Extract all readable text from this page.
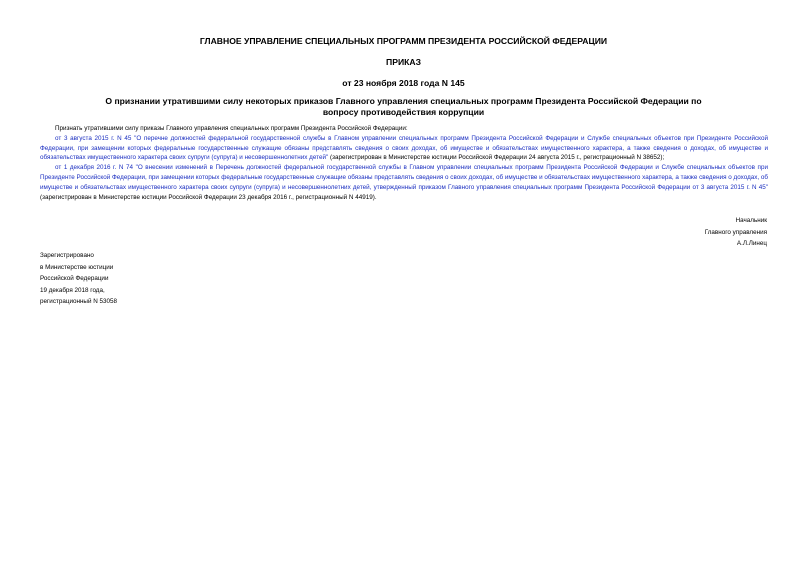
ГЛАВНОЕ УПРАВЛЕНИЕ СПЕЦИАЛЬНЫХ ПРОГРАММ ПРЕЗИДЕНТА РОССИЙСКОЙ ФЕДЕРАЦИИ
ПРИКАЗ
от 23 ноября 2018 года N 145
О признании утратившими силу некоторых приказов Главного управления специальных программ Президента Российской Федерации по вопросу противодействия коррупции

Признать утратившими силу приказы Главного управления специальных программ Президента Российской Федерации:

от 3 августа 2015 г. N 45 "О перечне должностей федеральной государственной службы в Главном управлении специальных программ Президента Российской Федерации и Службе специальных объектов при Президенте Российской Федерации, при замещении которых федеральные государственные служащие обязаны представлять сведения о своих доходах, об имуществе и обязательствах имущественного характера, а также сведения о доходах, об имуществе и обязательствах имущественного характера своих супруги (супруга) и несовершеннолетних детей" (зарегистрирован в Министерстве юстиции Российской Федерации 24 августа 2015 г., регистрационный N 38652);

от 1 декабря 2016 г. N 74 "О внесении изменений в Перечень должностей федеральной государственной службы в Главном управлении специальных программ Президента Российской Федерации и Службе специальных объектов при Президенте Российской Федерации, при замещении которых федеральные государственные служащие обязаны представлять сведения о своих доходах, об имуществе и обязательствах имущественного характера, а также сведения о доходах, об имуществе и обязательствах имущественного характера своих супруги (супруга) и несовершеннолетних детей, утвержденный приказом Главного управления специальных программ Президента Российской Федерации от 3 августа 2015 г. N 45" (зарегистрирован в Министерстве юстиции Российской Федерации 23 декабря 2016 г., регистрационный N 44919).

Начальник
Главного управления
А.Л.Линец
Зарегистрировано
в Министерстве юстиции
Российской Федерации
19 декабря 2018 года,
регистрационный N 53058
